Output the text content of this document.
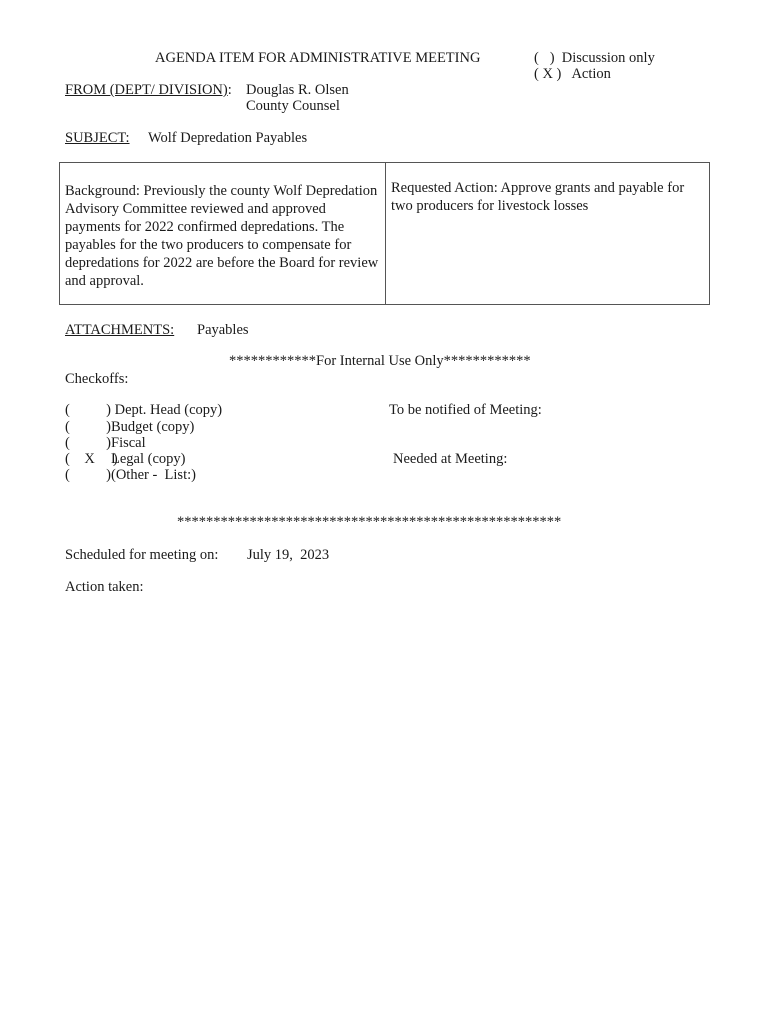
AGENDA ITEM FOR ADMINISTRATIVE MEETING	(   )  Discussion only
( X )   Action
FROM (DEPT/ DIVISION): Douglas R. Olsen
County Counsel
SUBJECT: Wolf Depredation Payables
Background: Previously the county Wolf Depredation Advisory Committee reviewed and approved payments for 2022 confirmed depredations. The payables for the two producers to compensate for depredations for 2022 are before the Board for review and approval.
Requested Action: Approve grants and payable for two producers for livestock losses
ATTACHMENTS: Payables
************For Internal Use Only************
Checkoffs:
(          ) Dept. Head (copy)
(          ) Budget (copy)
(          ) Fiscal
(    X     )
Legal (copy)
(          ) (Other -  List:)
To be notified of Meeting:
Needed at Meeting:
*****************************************************
Scheduled for meeting on: July 19,  2023
Action taken:
